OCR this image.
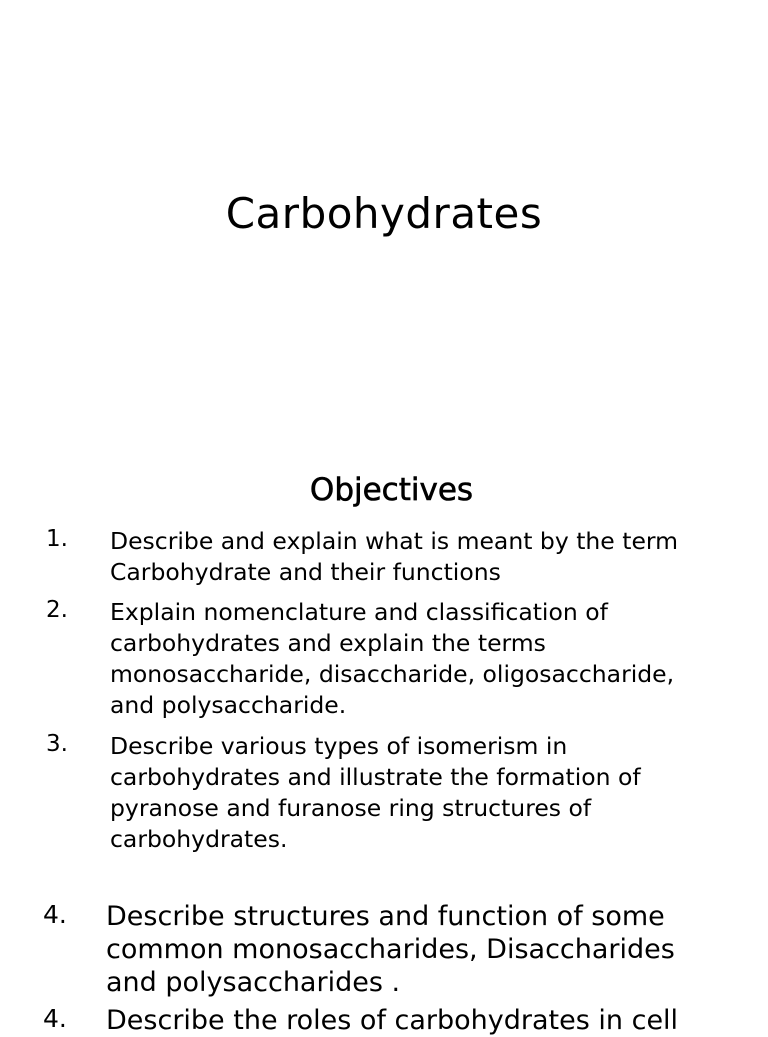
Carbohydrates
Objectives
1. Describe and explain what is meant by the term
Carbohydrate and their functions
2. Explain nomenclature and classification of
carbohydrates and explain the terms
monosaccharide, disaccharide, oligosaccharide,
and polysaccharide.
3. Describe various types of isomerism in
carbohydrates and illustrate the formation of
pyranose and furanose ring structures of
carbohydrates.
4. Describe structures and function of some
common monosaccharides, Disaccharides
and polysaccharides .
4. Describe the roles of carbohydrates in cell
